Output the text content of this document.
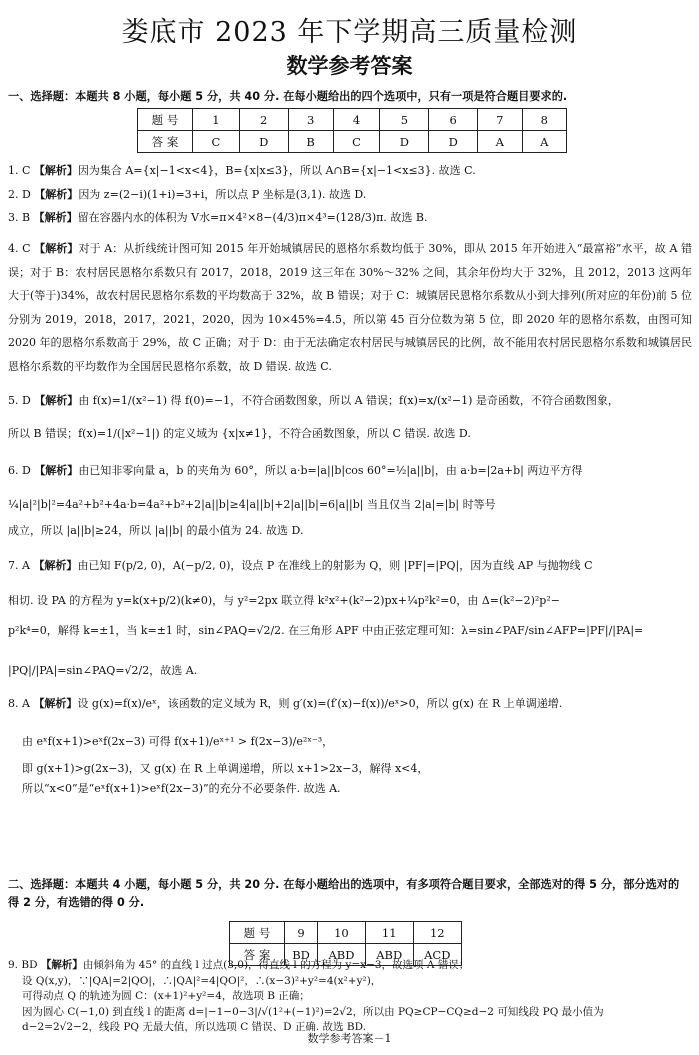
娄底市 2023 年下学期高三质量检测
数学参考答案
一、选择题：本题共 8 小题，每小题 5 分，共 40 分. 在每小题给出的四个选项中，只有一项是符合题目要求的.
题 号	1	2	3	4	5	6	7	8
答 案	C	D	B	C	D	D	A	A
1. C 【解析】因为集合 A={x|−1<x<4}，B={x|x≤3}，所以 A∩B={x|−1<x≤3}. 故选 C.
2. D 【解析】因为 z=(2−i)(1+i)=3+i，所以点 P 坐标是(3,1). 故选 D.
3. B 【解析】留在容器内水的体积为 V水=π×4²×8−(4/3)π×4³=(128/3)π. 故选 B.
4. C 【解析】对于 A：从折线统计图可知 2015 年开始城镇居民的恩格尔系数均低于 30%，即从 2015 年开始进入“最富裕”水平，故 A 错误；对于 B：农村居民恩格尔系数只有 2017，2018，2019 这三年在 30%～32% 之间，其余年份均大于 32%，且 2012，2013 这两年大于(等于)34%，故农村居民恩格尔系数的平均数高于 32%，故 B 错误；对于 C：城镇居民恩格尔系数从小到大排列(所对应的年份)前 5 位分别为 2019，2018，2017，2021，2020，因为 10×45%=4.5，所以第 45 百分位数为第 5 位，即 2020 年的恩格尔系数，由图可知 2020 年的恩格尔系数高于 29%，故 C 正确；对于 D：由于无法确定农村居民与城镇居民的比例，故不能用农村居民恩格尔系数和城镇居民恩格尔系数的平均数作为全国居民恩格尔系数，故 D 错误. 故选 C.
5. D 【解析】由 f(x)=1/(x²−1) 得 f(0)=−1，不符合函数图象，所以 A 错误；f(x)=x/(x²−1) 是奇函数，不符合函数图象，
所以 B 错误；f(x)=1/(|x²−1|) 的定义域为 {x|x≠1}，不符合函数图象，所以 C 错误. 故选 D.
6. D 【解析】由已知非零向量 a，b 的夹角为 60°，所以 a·b=|a||b|cos 60°=½|a||b|，由 a·b=|2a+b| 两边平方得
¼|a|²|b|²=4a²+b²+4a·b=4a²+b²+2|a||b|≥4|a||b|+2|a||b|=6|a||b| 当且仅当 2|a|=|b| 时等号
成立，所以 |a||b|≥24，所以 |a||b| 的最小值为 24. 故选 D.
7. A 【解析】由已知 F(p/2, 0)，A(−p/2, 0)，设点 P 在准线上的射影为 Q，则 |PF|=|PQ|，因为直线 AP 与抛物线 C
相切. 设 PA 的方程为 y=k(x+p/2)(k≠0)，与 y²=2px 联立得 k²x²+(k²−2)px+¼p²k²=0，由 Δ=(k²−2)²p²−
p²k⁴=0，解得 k=±1，当 k=±1 时，sin∠PAQ=√2/2. 在三角形 APF 中由正弦定理可知：λ=sin∠PAF/sin∠AFP=|PF|/|PA|=
|PQ|/|PA|=sin∠PAQ=√2/2，故选 A.
8. A 【解析】设 g(x)=f(x)/eˣ，该函数的定义域为 R，则 g′(x)=(f′(x)−f(x))/eˣ>0，所以 g(x) 在 R 上单调递增.
由 eˣf(x+1)>eˣf(2x−3) 可得 f(x+1)/eˣ⁺¹ > f(2x−3)/e²ˣ⁻³，
即 g(x+1)>g(2x−3)，又 g(x) 在 R 上单调递增，所以 x+1>2x−3，解得 x<4，
所以“x<0”是“eˣf(x+1)>eˣf(2x−3)”的充分不必要条件. 故选 A.
二、选择题：本题共 4 小题，每小题 5 分，共 20 分. 在每小题给出的选项中，有多项符合题目要求，全部选对的得 5 分，部分选对的得 2 分，有选错的得 0 分.
题 号	9	10	11	12
答 案	BD	ABD	ABD	ACD
9. BD 【解析】由倾斜角为 45° 的直线 l 过点(3,0)，得直线 l 的方程为 y=x−3，故选项 A 错误；
设 Q(x,y)，∵|QA|=2|QO|，∴|QA|²=4|QO|²，∴(x−3)²+y²=4(x²+y²)，
可得动点 Q 的轨迹为圆 C：(x+1)²+y²=4，故选项 B 正确；
因为圆心 C(−1,0) 到直线 l 的距离 d=|−1−0−3|/√(1²+(−1)²)=2√2，所以由 PQ≥CP−CQ≥d−2 可知线段 PQ 最小值为
d−2=2√2−2，线段 PQ 无最大值，所以选项 C 错误、D 正确. 故选 BD.
数学参考答案－1
